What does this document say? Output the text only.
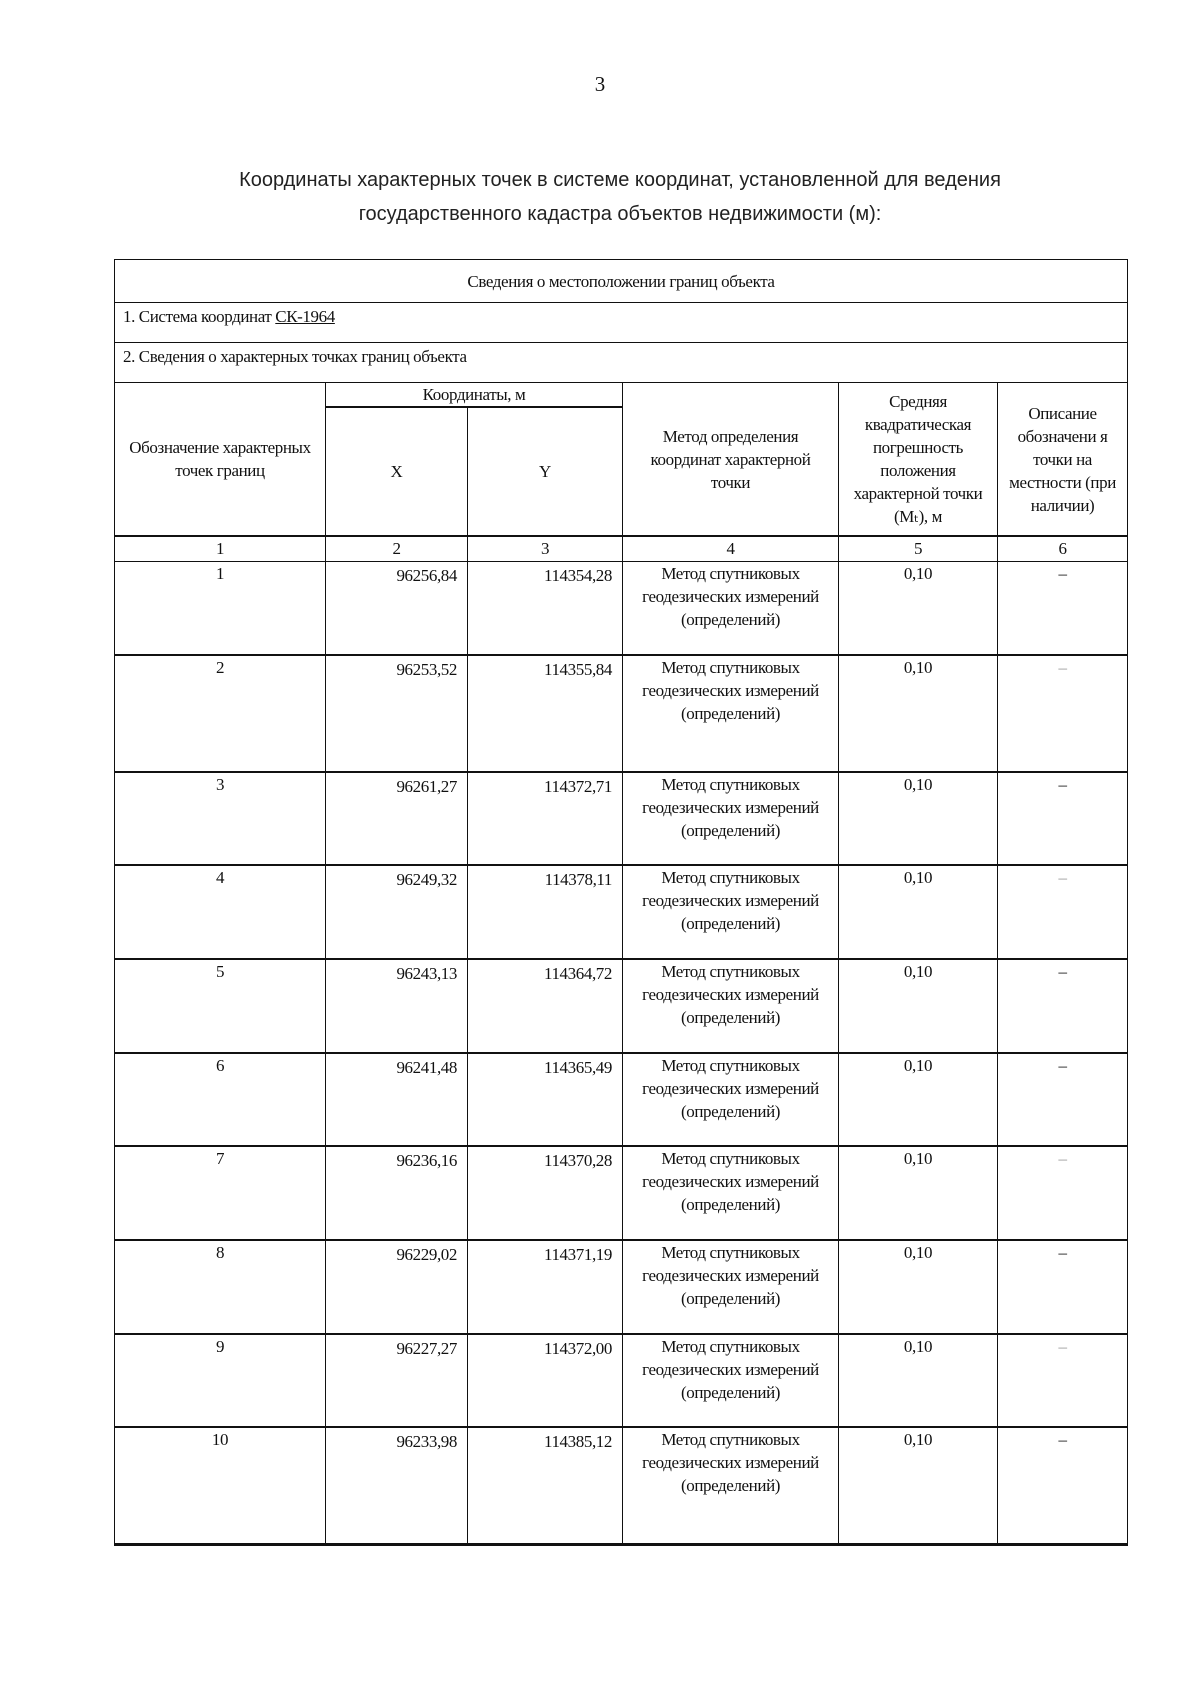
3
Координаты характерных точек в системе координат, установленной для ведения
государственного кадастра объектов недвижимости (м):
Сведения о местоположении границ объекта					
1. Система координат СК-1964					
2. Сведения о характерных точках границ объекта					
Обозначение характерных точек границ	Координаты, м		Метод определения координат характерной точки	Средняя квадратическая погрешность положения характерной точки (Mₜ), м	Описание обозначени я точки на местности (при наличии)
	X	Y			
1	2	3	4	5	6
1	96256,84	114354,28	Метод спутниковых геодезических измерений (определений)	0,10	–
2	96253,52	114355,84	Метод спутниковых геодезических измерений (определений)	0,10	–
3	96261,27	114372,71	Метод спутниковых геодезических измерений (определений)	0,10	–
4	96249,32	114378,11	Метод спутниковых геодезических измерений (определений)	0,10	–
5	96243,13	114364,72	Метод спутниковых геодезических измерений (определений)	0,10	–
6	96241,48	114365,49	Метод спутниковых геодезических измерений (определений)	0,10	–
7	96236,16	114370,28	Метод спутниковых геодезических измерений (определений)	0,10	–
8	96229,02	114371,19	Метод спутниковых геодезических измерений (определений)	0,10	–
9	96227,27	114372,00	Метод спутниковых геодезических измерений (определений)	0,10	–
10	96233,98	114385,12	Метод спутниковых геодезических измерений (определений)	0,10	–
